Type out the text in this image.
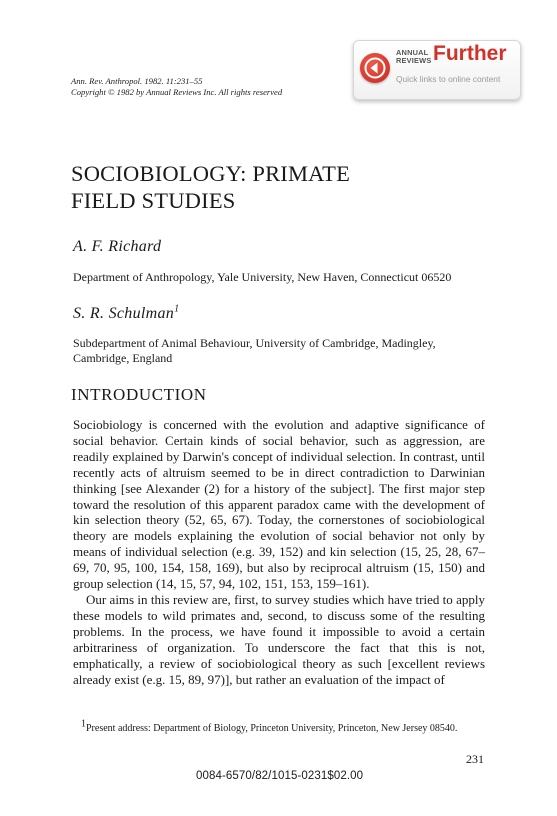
Ann. Rev. Anthropol. 1982. 11:231–55
Copyright © 1982 by Annual Reviews Inc. All rights reserved
ANNUAL
REVIEWS Further
Quick links to online content
SOCIOBIOLOGY: PRIMATE
FIELD STUDIES
A. F. Richard
Department of Anthropology, Yale University, New Haven, Connecticut 06520
S. R. Schulman$^1$
Subdepartment of Animal Behaviour, University of Cambridge, Madingley,
Cambridge, England
INTRODUCTION

Sociobiology is concerned with the evolution and adaptive significance of social behavior. Certain kinds of social behavior, such as aggression, are readily explained by Darwin's concept of individual selection. In contrast, until recently acts of altruism seemed to be in direct contradiction to Darwinian thinking [see Alexander (2) for a history of the subject]. The first major step toward the resolution of this apparent paradox came with the development of kin selection theory (52, 65, 67). Today, the cornerstones of sociobiological theory are models explaining the evolution of social behavior not only by means of individual selection (e.g. 39, 152) and kin selection (15, 25, 28, 67–69, 70, 95, 100, 154, 158, 169), but also by reciprocal altruism (15, 150) and group selection (14, 15, 57, 94, 102, 151, 153, 159–161).

Our aims in this review are, first, to survey studies which have tried to apply these models to wild primates and, second, to discuss some of the resulting problems. In the process, we have found it impossible to avoid a certain arbitrariness of organization. To underscore the fact that this is not, emphatically, a review of sociobiological theory as such [excellent reviews already exist (e.g. 15, 89, 97)], but rather an evaluation of the impact of

$^1$Present address: Department of Biology, Princeton University, Princeton, New Jersey 08540.
231
0084-6570/82/1015-0231$02.00
